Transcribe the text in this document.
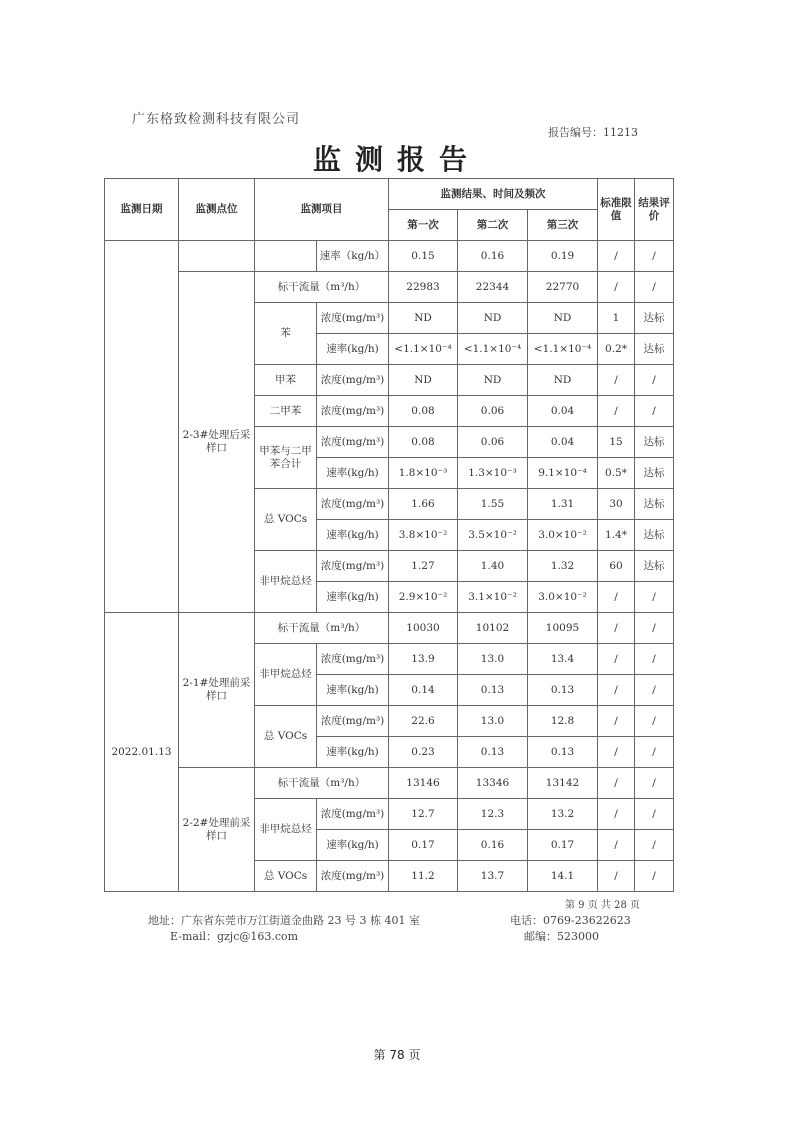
广东格致检测科技有限公司
报告编号：11213
监测报告
监测日期	监测点位	监测项目		监测结果、时间及频次			标准限值	结果评价
				第一次	第二次	第三次		
			速率（kg/h）	0.15	0.16	0.19	/	/
	2-3#处理后采样口	标干流量（m³/h）		22983	22344	22770	/	/
		苯	浓度(mg/m³)	ND	ND	ND	1	达标
			速率(kg/h)	<1.1×10⁻⁴	<1.1×10⁻⁴	<1.1×10⁻⁴	0.2*	达标
		甲苯	浓度(mg/m³)	ND	ND	ND	/	/
		二甲苯	浓度(mg/m³)	0.08	0.06	0.04	/	/
		甲苯与二甲苯合计	浓度(mg/m³)	0.08	0.06	0.04	15	达标
			速率(kg/h)	1.8×10⁻³	1.3×10⁻³	9.1×10⁻⁴	0.5*	达标
		总 VOCs	浓度(mg/m³)	1.66	1.55	1.31	30	达标
			速率(kg/h)	3.8×10⁻²	3.5×10⁻²	3.0×10⁻²	1.4*	达标
		非甲烷总烃	浓度(mg/m³)	1.27	1.40	1.32	60	达标
			速率(kg/h)	2.9×10⁻²	3.1×10⁻²	3.0×10⁻²	/	/
2022.01.13	2-1#处理前采样口	标干流量（m³/h）		10030	10102	10095	/	/
		非甲烷总烃	浓度(mg/m³)	13.9	13.0	13.4	/	/
			速率(kg/h)	0.14	0.13	0.13	/	/
		总 VOCs	浓度(mg/m³)	22.6	13.0	12.8	/	/
			速率(kg/h)	0.23	0.13	0.13	/	/
	2-2#处理前采样口	标干流量（m³/h）		13146	13346	13142	/	/
		非甲烷总烃	浓度(mg/m³)	12.7	12.3	13.2	/	/
			速率(kg/h)	0.17	0.16	0.17	/	/
		总 VOCs	浓度(mg/m³)	11.2	13.7	14.1	/	/
第 9 页 共 28 页
地址：广东省东莞市万江街道金曲路 23 号 3 栋 401 室	电话：0769-23622623
E-mail：gzjc@163.com	邮编：523000
第 78 页
